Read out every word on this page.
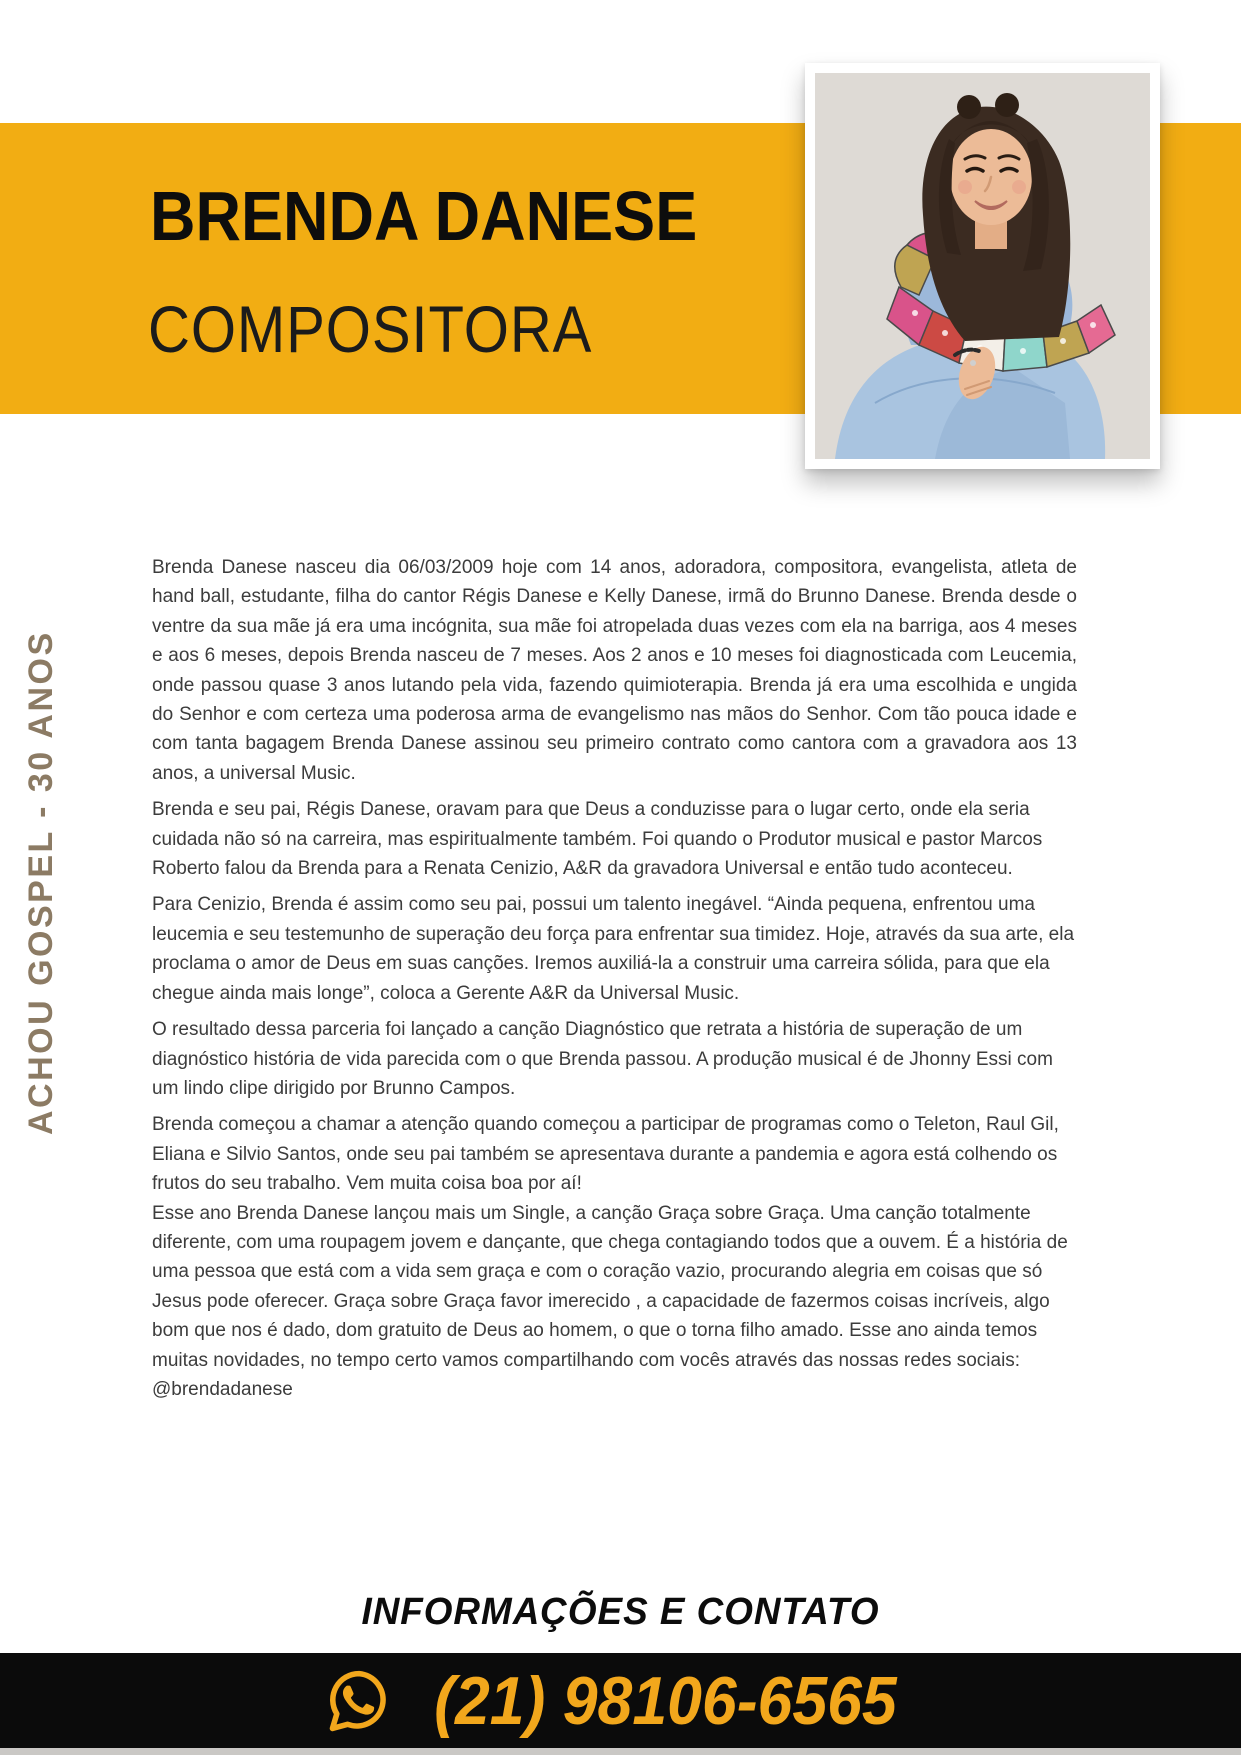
BRENDA DANESE
COMPOSITORA
ACHOU GOSPEL - 30 ANOS

Brenda Danese nasceu dia 06/03/2009 hoje com 14 anos, adoradora, compositora, evangelista, atleta de hand ball, estudante, filha do cantor Régis Danese e Kelly Danese, irmã do Brunno Danese. Brenda desde o ventre da sua mãe já era uma incógnita, sua mãe foi atropelada duas vezes com ela na barriga, aos 4 meses e aos 6 meses, depois Brenda nasceu de 7 meses. Aos 2 anos e 10 meses foi diagnosticada com Leucemia, onde passou quase 3 anos lutando pela vida, fazendo quimioterapia. Brenda já era uma escolhida e ungida do Senhor e com certeza uma poderosa arma de evangelismo nas mãos do Senhor. Com tão pouca idade e com tanta bagagem Brenda Danese assinou seu primeiro contrato como cantora com a gravadora aos 13 anos, a universal Music.

Brenda e seu pai, Régis Danese, oravam para que Deus a conduzisse para o lugar certo, onde ela seria cuidada não só na carreira, mas espiritualmente também. Foi quando o Produtor musical e pastor Marcos Roberto falou da Brenda para a Renata Cenizio, A&R da gravadora Universal e então tudo aconteceu.

Para Cenizio, Brenda é assim como seu pai, possui um talento inegável. “Ainda pequena, enfrentou uma leucemia e seu testemunho de superação deu força para enfrentar sua timidez. Hoje, através da sua arte, ela proclama o amor de Deus em suas canções. Iremos auxiliá-la a construir uma carreira sólida, para que ela chegue ainda mais longe”, coloca a Gerente A&R da Universal Music.

O resultado dessa parceria foi lançado a canção Diagnóstico que retrata a história de superação de um diagnóstico história de vida parecida com o que Brenda passou. A produção musical é de Jhonny Essi com um lindo clipe dirigido por Brunno Campos.

Brenda começou a chamar a atenção quando começou a participar de programas como o Teleton, Raul Gil, Eliana e Silvio Santos, onde seu pai também se apresentava durante a pandemia e agora está colhendo os frutos do seu trabalho. Vem muita coisa boa por aí!

Esse ano Brenda Danese lançou mais um Single, a canção Graça sobre Graça. Uma canção totalmente diferente, com uma roupagem jovem e dançante, que chega contagiando todos que a ouvem. É a história de uma pessoa que está com a vida sem graça e com o coração vazio, procurando alegria em coisas que só Jesus pode oferecer. Graça sobre Graça favor imerecido , a capacidade de fazermos coisas incríveis, algo bom que nos é dado, dom gratuito de Deus ao homem, o que o torna filho amado. Esse ano ainda temos muitas novidades, no tempo certo vamos compartilhando com vocês através das nossas redes sociais: @brendadanese

INFORMAÇÕES E CONTATO
(21) 98106-6565
